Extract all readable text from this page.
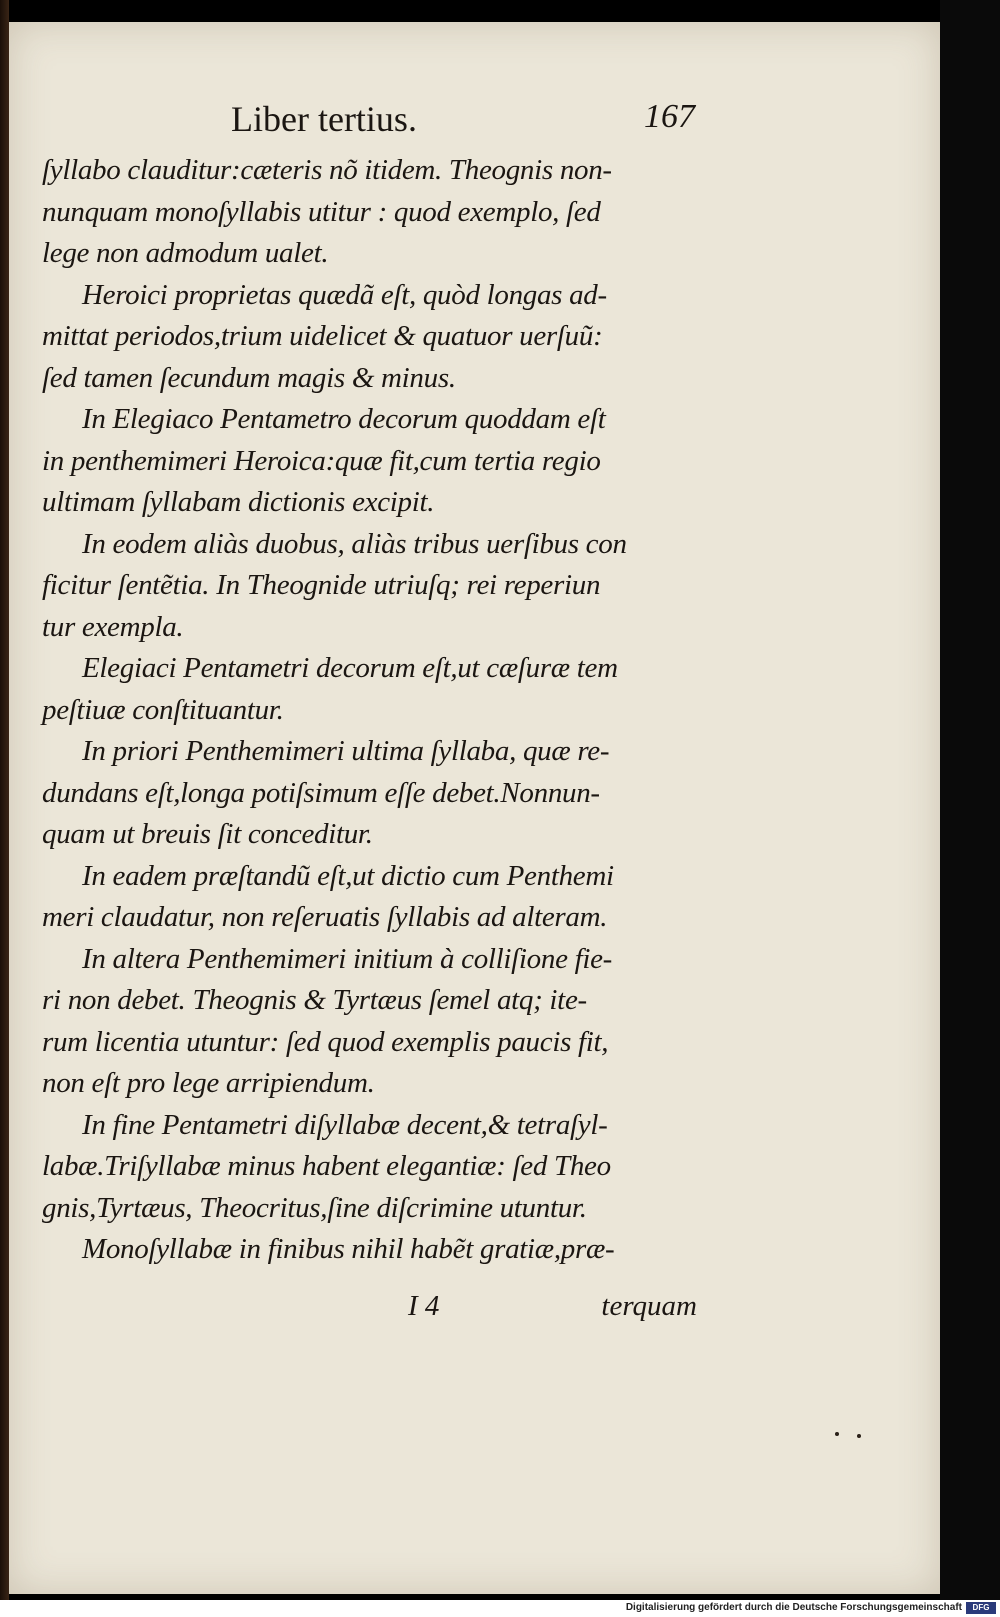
Liber tertius.	167
ſyllabo clauditur:cæteris nõ itidem. Theognis non-
nunquam monoſyllabis utitur : quod exemplo, ſed
lege non admodum ualet.
Heroici proprietas quædã eſt, quòd longas ad-
mittat periodos,trium uidelicet & quatuor uerſuũ:
ſed tamen ſecundum magis & minus.
In Elegiaco Pentametro decorum quoddam eſt
in penthemimeri Heroica:quæ fit,cum tertia regio
ultimam ſyllabam dictionis excipit.
In eodem aliàs duobus, aliàs tribus uerſibus con
ficitur ſentẽtia. In Theognide utriuſq; rei reperiun
tur exempla.
Elegiaci Pentametri decorum eſt,ut cæſuræ tem
peſtiuæ conſtituantur.
In priori Penthemimeri ultima ſyllaba, quæ re-
dundans eſt,longa potiſsimum eſſe debet.Nonnun-
quam ut breuis ſit conceditur.
In eadem præſtandũ eſt,ut dictio cum Penthemi
meri claudatur, non reſeruatis ſyllabis ad alteram.
In altera Penthemimeri initium à colliſione fie-
ri non debet. Theognis & Tyrtæus ſemel atq; ite-
rum licentia utuntur: ſed quod exemplis paucis fit,
non eſt pro lege arripiendum.
In fine Pentametri diſyllabæ decent,& tetraſyl-
labæ.Triſyllabæ minus habent elegantiæ: ſed Theo
gnis,Tyrtæus, Theocritus,ſine diſcrimine utuntur.
Monoſyllabæ in finibus nihil habẽt gratiæ,præ-
I 4	terquam
Digitalisierung gefördert durch die Deutsche Forschungsgemeinschaft	DFG
